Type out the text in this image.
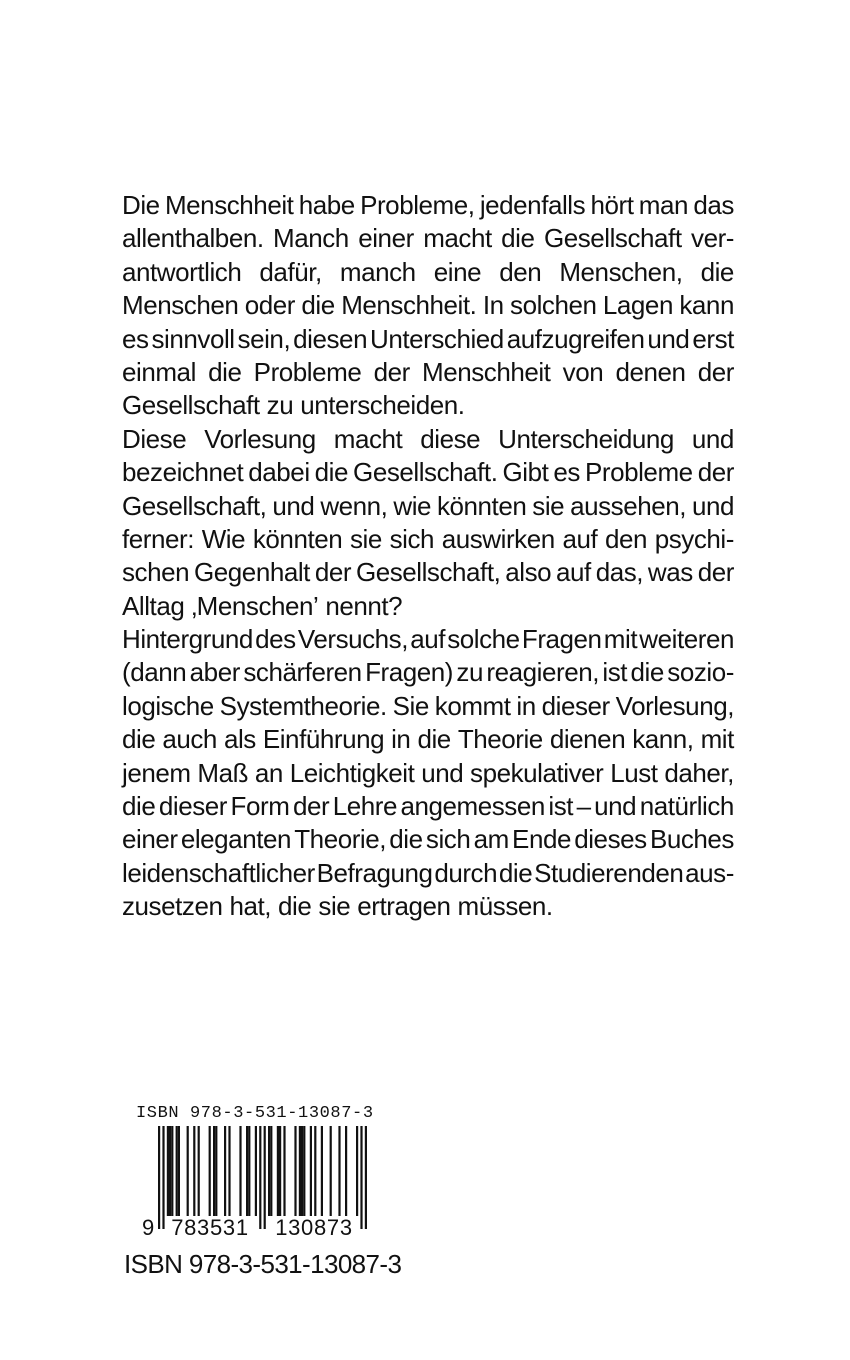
Die Menschheit habe Probleme, jedenfalls hört man das
allenthalben. Manch einer macht die Gesellschaft ver-
antwortlich dafür, manch eine den Menschen, die
Menschen oder die Menschheit. In solchen Lagen kann
es sinnvoll sein, diesen Unterschied aufzugreifen und erst
einmal die Probleme der Menschheit von denen der
Gesellschaft zu unterscheiden.
Diese Vorlesung macht diese Unterscheidung und
bezeichnet dabei die Gesellschaft. Gibt es Probleme der
Gesellschaft, und wenn, wie könnten sie aussehen, und
ferner: Wie könnten sie sich auswirken auf den psychi-
schen Gegenhalt der Gesellschaft, also auf das, was der
Alltag ‚Menschen’ nennt?
Hintergrund des Versuchs, auf solche Fragen mit weiteren
(dann aber schärferen Fragen) zu reagieren, ist die sozio-
logische Systemtheorie. Sie kommt in dieser Vorlesung,
die auch als Einführung in die Theorie dienen kann, mit
jenem Maß an Leichtigkeit und spekulativer Lust daher,
die dieser Form der Lehre angemessen ist – und natürlich
einer eleganten Theorie, die sich am Ende dieses Buches
leidenschaftlicher Befragung durch die Studierenden aus-
zusetzen hat, die sie ertragen müssen.
ISBN 978-3-531-13087-3
9 783531	130873
ISBN 978-3-531-13087-3
